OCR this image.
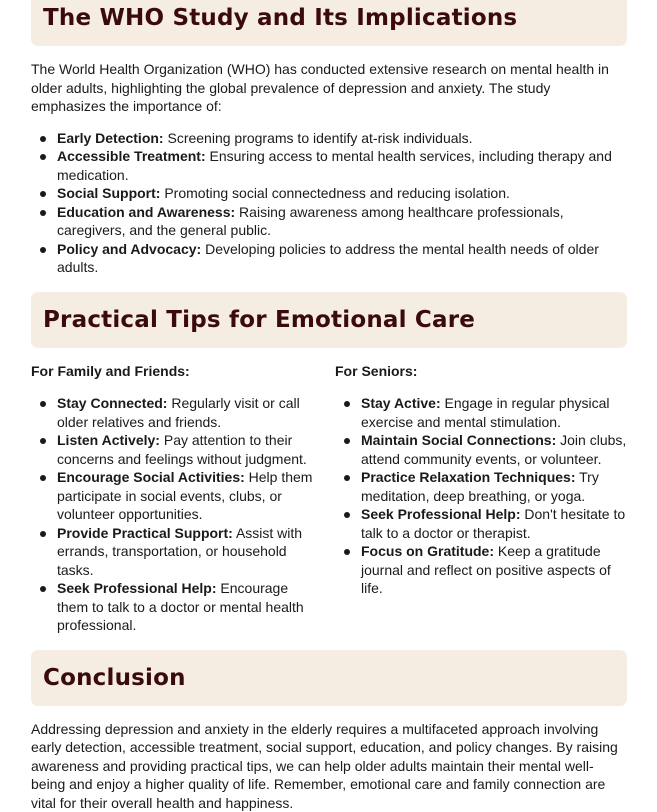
The WHO Study and Its Implications

The World Health Organization (WHO) has conducted extensive research on mental health in older adults, highlighting the global prevalence of depression and anxiety. The study emphasizes the importance of:

Early Detection: Screening programs to identify at-risk individuals.
Accessible Treatment: Ensuring access to mental health services, including therapy and medication.
Social Support: Promoting social connectedness and reducing isolation.
Education and Awareness: Raising awareness among healthcare professionals, caregivers, and the general public.
Policy and Advocacy: Developing policies to address the mental health needs of older adults.
Practical Tips for Emotional Care

For Family and Friends:

Stay Connected: Regularly visit or call older relatives and friends.
Listen Actively: Pay attention to their concerns and feelings without judgment.
Encourage Social Activities: Help them participate in social events, clubs, or volunteer opportunities.
Provide Practical Support: Assist with errands, transportation, or household tasks.
Seek Professional Help: Encourage them to talk to a doctor or mental health professional.

For Seniors:

Stay Active: Engage in regular physical exercise and mental stimulation.
Maintain Social Connections: Join clubs, attend community events, or volunteer.
Practice Relaxation Techniques: Try meditation, deep breathing, or yoga.
Seek Professional Help: Don't hesitate to talk to a doctor or therapist.
Focus on Gratitude: Keep a gratitude journal and reflect on positive aspects of life.
Conclusion

Addressing depression and anxiety in the elderly requires a multifaceted approach involving early detection, accessible treatment, social support, education, and policy changes. By raising awareness and providing practical tips, we can help older adults maintain their mental well-being and enjoy a higher quality of life. Remember, emotional care and family connection are vital for their overall health and happiness.
